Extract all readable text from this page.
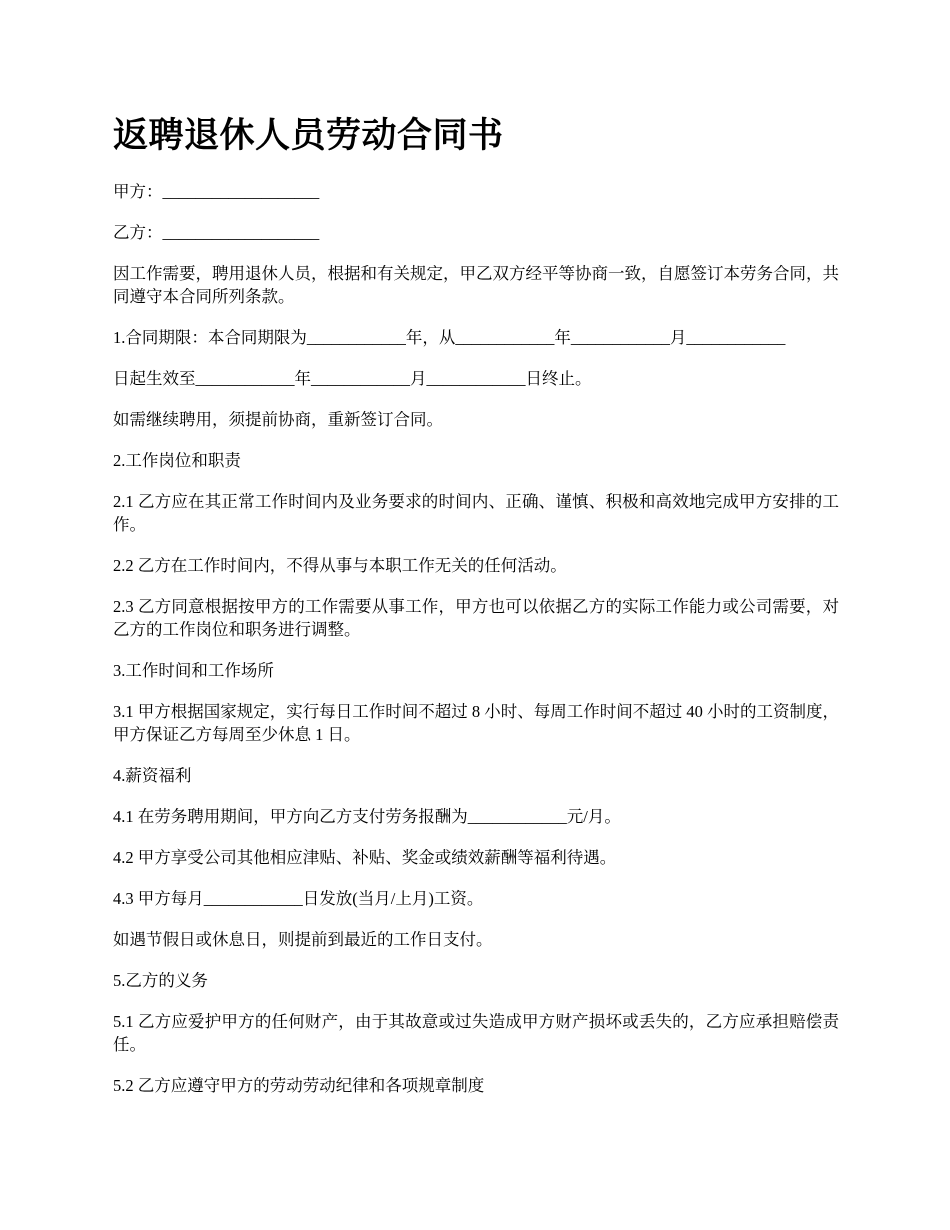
返聘退休人员劳动合同书

甲方：___________________

乙方：___________________

因工作需要，聘用退休人员，根据和有关规定，甲乙双方经平等协商一致，自愿签订本劳务合同，共同遵守本合同所列条款。

1.合同期限：本合同期限为____________年，从____________年____________月____________

日起生效至____________年____________月____________日终止。

如需继续聘用，须提前协商，重新签订合同。

2.工作岗位和职责

2.1 乙方应在其正常工作时间内及业务要求的时间内、正确、谨慎、积极和高效地完成甲方安排的工作。

2.2 乙方在工作时间内，不得从事与本职工作无关的任何活动。

2.3 乙方同意根据按甲方的工作需要从事工作，甲方也可以依据乙方的实际工作能力或公司需要，对乙方的工作岗位和职务进行调整。

3.工作时间和工作场所

3.1 甲方根据国家规定，实行每日工作时间不超过 8 小时、每周工作时间不超过 40 小时的工资制度，甲方保证乙方每周至少休息 1 日。

4.薪资福利

4.1 在劳务聘用期间，甲方向乙方支付劳务报酬为____________元/月。

4.2 甲方享受公司其他相应津贴、补贴、奖金或绩效薪酬等福利待遇。

4.3 甲方每月____________日发放(当月/上月)工资。

如遇节假日或休息日，则提前到最近的工作日支付。

5.乙方的义务

5.1 乙方应爱护甲方的任何财产，由于其故意或过失造成甲方财产损坏或丢失的，乙方应承担赔偿责任。

5.2 乙方应遵守甲方的劳动劳动纪律和各项规章制度
